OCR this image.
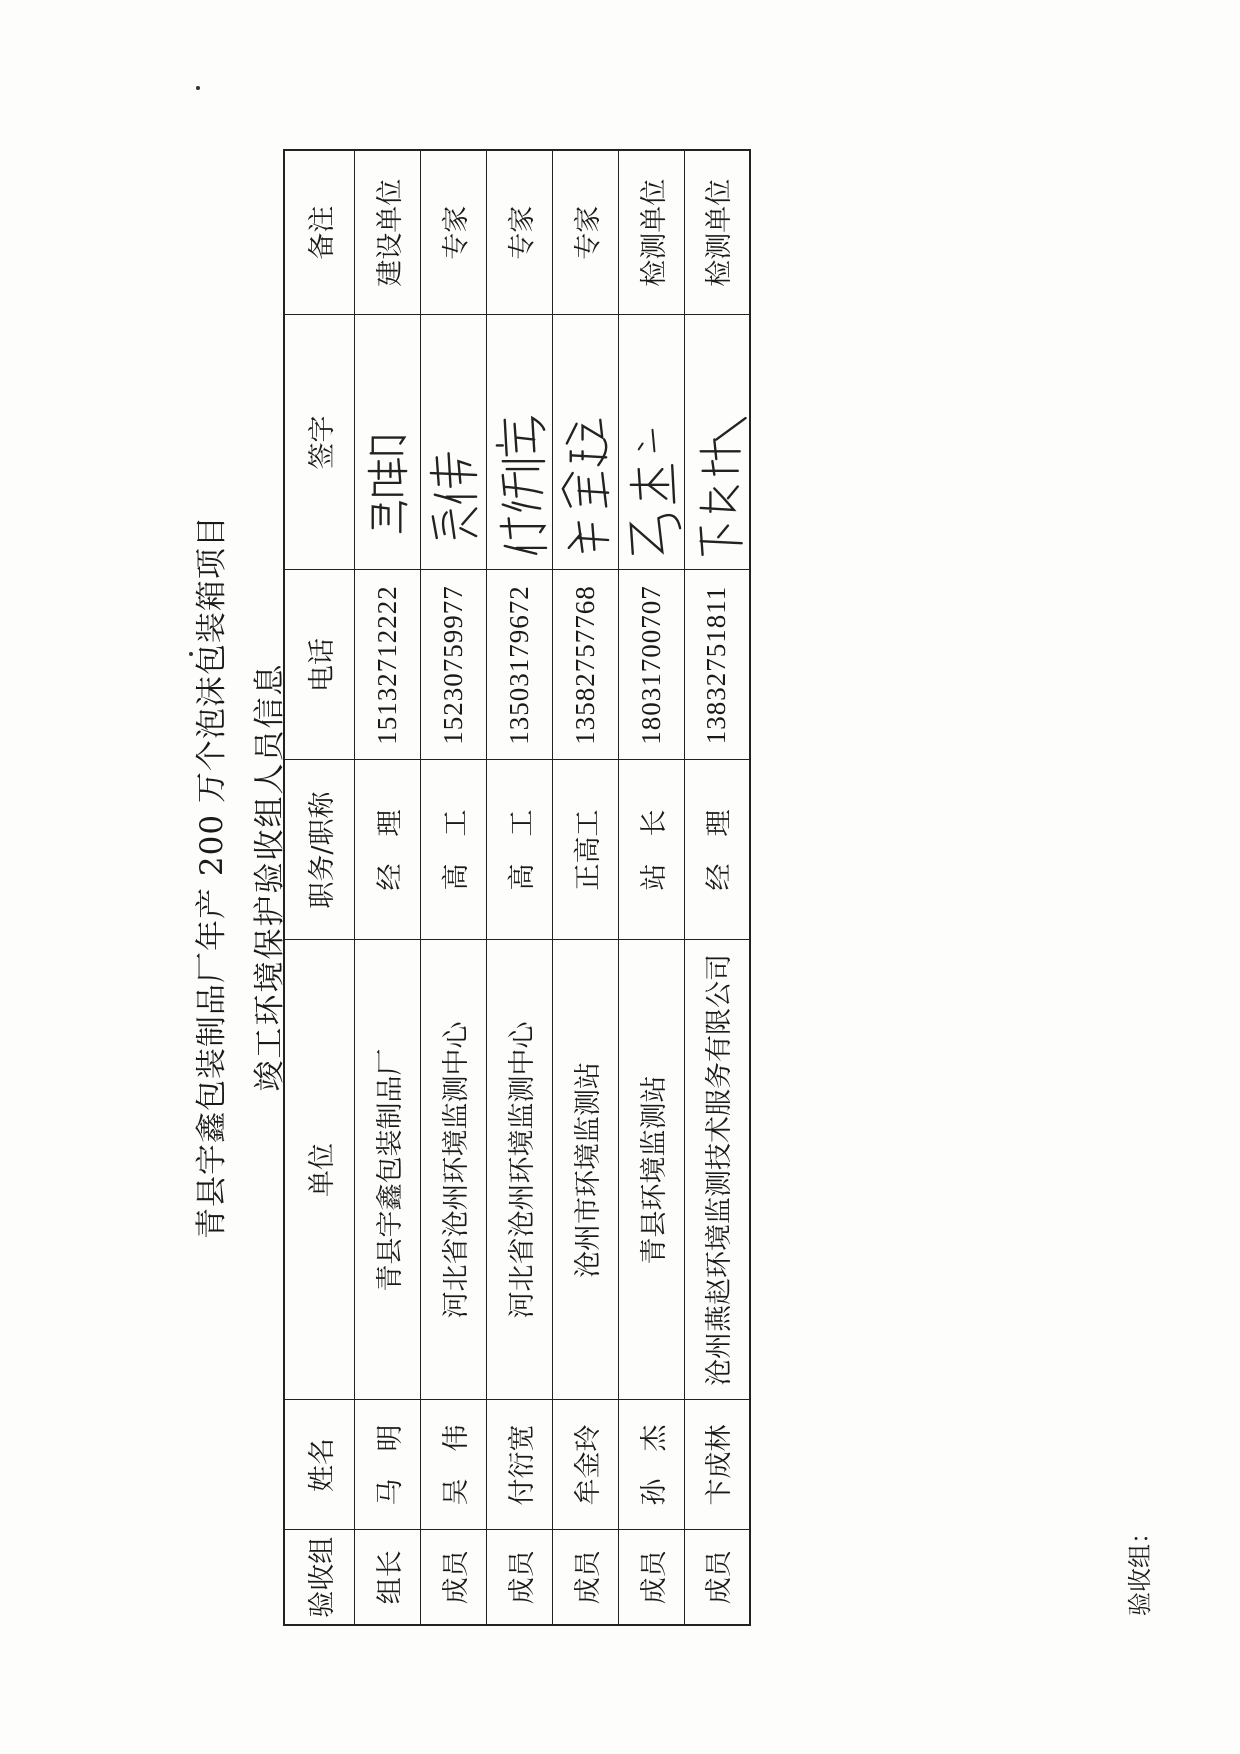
青县宇鑫包装制品厂年产 200 万个泡沫包装箱项目 竣工环境保护验收组人员信息
验收组	姓名	单位	职务/职称	电话	签字	备注
组长	马　明	青县宇鑫包装制品厂	经　理	15132712222		建设单位
成员	吴　伟	河北省沧州环境监测中心	高　工	15230759977		专家
成员	付衍宽	河北省沧州环境监测中心	高　工	13503179672		专家
成员	牟金玲	沧州市环境监测站	正高工	13582757768		专家
成员	孙　杰	青县环境监测站	站　长	18031700707		检测单位
成员	卞成林	沧州燕赵环境监测技术服务有限公司	经　理	13832751811		检测单位
验收组：
